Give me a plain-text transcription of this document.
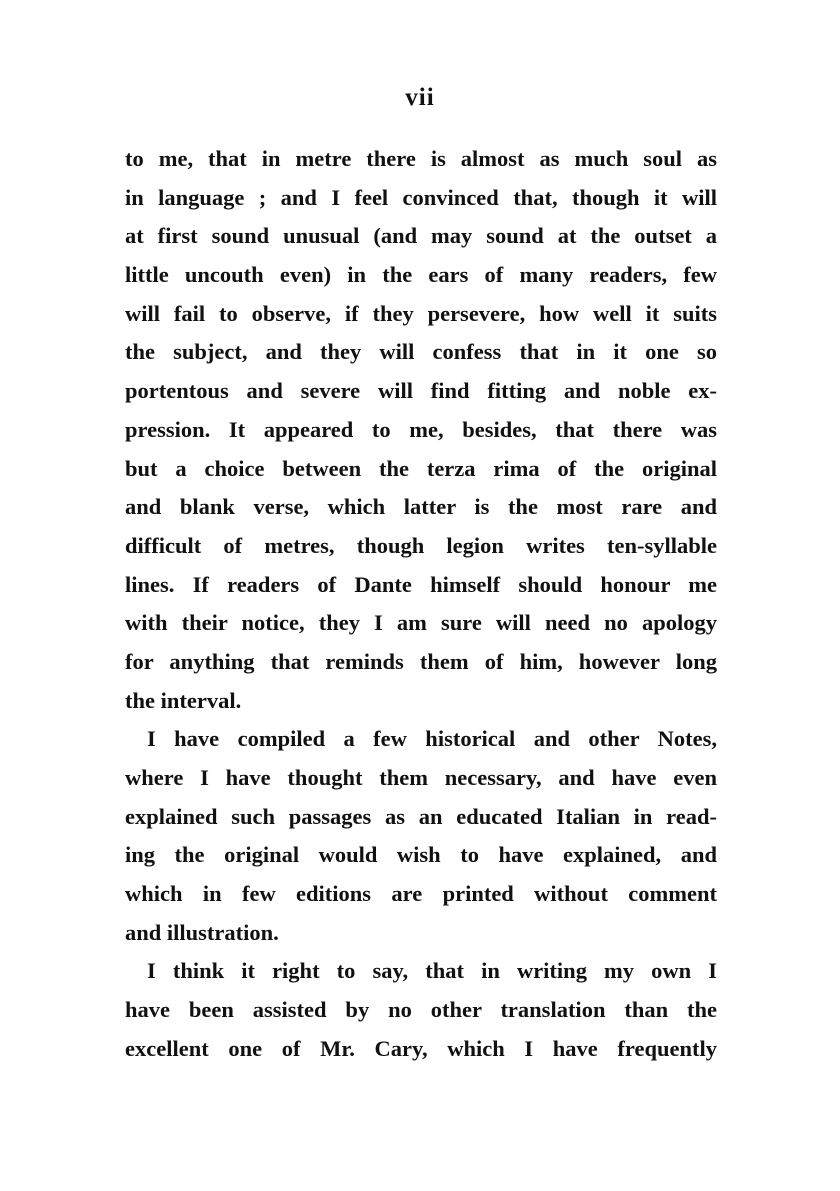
vii
to me, that in metre there is almost as much soul as
in language ; and I feel convinced that, though it will
at first sound unusual (and may sound at the outset a
little uncouth even) in the ears of many readers, few
will fail to observe, if they persevere, how well it suits
the subject, and they will confess that in it one so
portentous and severe will find fitting and noble ex-
pression. It appeared to me, besides, that there was
but a choice between the terza rima of the original
and blank verse, which latter is the most rare and
difficult of metres, though legion writes ten-syllable
lines. If readers of Dante himself should honour me
with their notice, they I am sure will need no apology
for anything that reminds them of him, however long
the interval.
I have compiled a few historical and other Notes,
where I have thought them necessary, and have even
explained such passages as an educated Italian in read-
ing the original would wish to have explained, and
which in few editions are printed without comment
and illustration.
I think it right to say, that in writing my own I
have been assisted by no other translation than the
excellent one of Mr. Cary, which I have frequently
